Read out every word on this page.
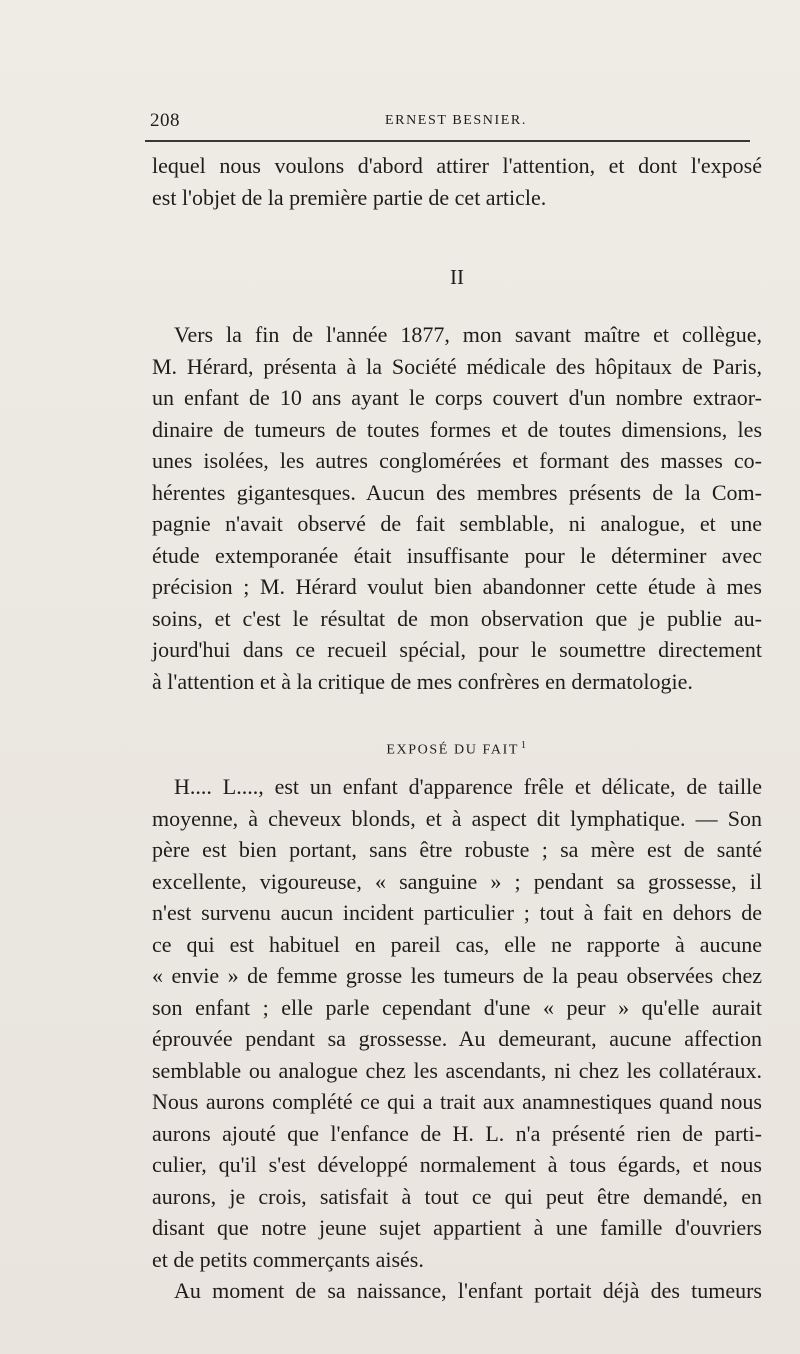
208	ERNEST BESNIER.
lequel nous voulons d'abord attirer l'attention, et dont l'exposé
est l'objet de la première partie de cet article.
II
Vers la fin de l'année 1877, mon savant maître et collègue,
M. Hérard, présenta à la Société médicale des hôpitaux de Paris,
un enfant de 10 ans ayant le corps couvert d'un nombre extraor-
dinaire de tumeurs de toutes formes et de toutes dimensions, les
unes isolées, les autres conglomérées et formant des masses co-
hérentes gigantesques. Aucun des membres présents de la Com-
pagnie n'avait observé de fait semblable, ni analogue, et une
étude extemporanée était insuffisante pour le déterminer avec
précision ; M. Hérard voulut bien abandonner cette étude à mes
soins, et c'est le résultat de mon observation que je publie au-
jourd'hui dans ce recueil spécial, pour le soumettre directement
à l'attention et à la critique de mes confrères en dermatologie.
EXPOSÉ DU FAIT $^1$
H.... L...., est un enfant d'apparence frêle et délicate, de taille
moyenne, à cheveux blonds, et à aspect dit lymphatique. — Son
père est bien portant, sans être robuste ; sa mère est de santé
excellente, vigoureuse, « sanguine » ; pendant sa grossesse, il
n'est survenu aucun incident particulier ; tout à fait en dehors de
ce qui est habituel en pareil cas, elle ne rapporte à aucune
« envie » de femme grosse les tumeurs de la peau observées chez
son enfant ; elle parle cependant d'une « peur » qu'elle aurait
éprouvée pendant sa grossesse. Au demeurant, aucune affection
semblable ou analogue chez les ascendants, ni chez les collatéraux.
Nous aurons complété ce qui a trait aux anamnestiques quand nous
aurons ajouté que l'enfance de H. L. n'a présenté rien de parti-
culier, qu'il s'est développé normalement à tous égards, et nous
aurons, je crois, satisfait à tout ce qui peut être demandé, en
disant que notre jeune sujet appartient à une famille d'ouvriers
et de petits commerçants aisés.
Au moment de sa naissance, l'enfant portait déjà des tumeurs
